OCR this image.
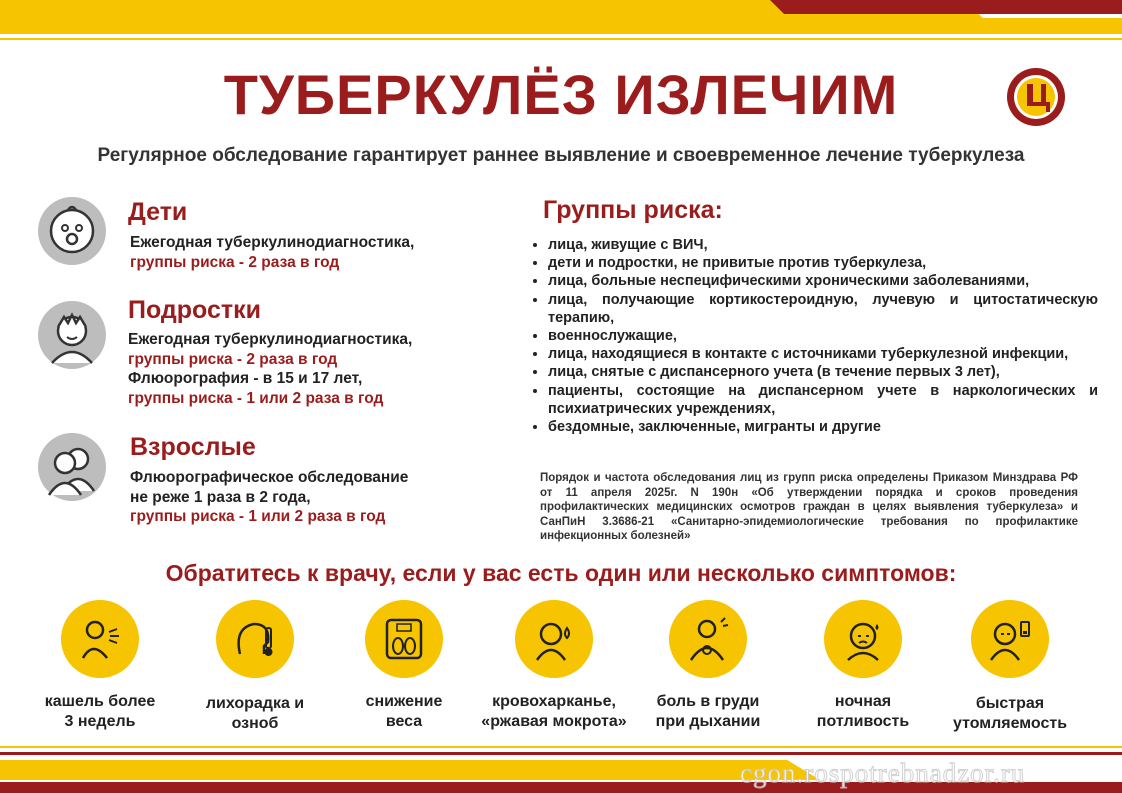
ТУБЕРКУЛЁЗ ИЗЛЕЧИМ
Регулярное обследование гарантирует раннее выявление и своевременное лечение туберкулеза
Дети
Ежегодная туберкулинодиагностика,
группы риска - 2 раза в год
Подростки
Ежегодная туберкулинодиагностика,
группы риска - 2 раза в год
Флюорография - в 15 и 17 лет,
группы риска - 1 или 2 раза в год
Взрослые
Флюорографическое обследование
не реже 1 раза в 2 года,
группы риска - 1 или 2 раза в год
Группы риска:
• лица, живущие с ВИЧ,
• дети и подростки, не привитые против туберкулеза,
• лица, больные неспецифическими хроническими заболеваниями,
• лица, получающие кортикостероидную, лучевую и цитостатическую терапию,
• военнослужащие,
• лица, находящиеся в контакте с источниками туберкулезной инфекции,
• лица, снятые с диспансерного учета (в течение первых 3 лет),
• пациенты, состоящие на диспансерном учете в наркологических и психиатрических учреждениях,
• бездомные, заключенные, мигранты и другие
Порядок и частота обследования лиц из групп риска определены Приказом Минздрава РФ от 11 апреля 2025г. N 190н «Об утверждении порядка и сроков проведения профилактических медицинских осмотров граждан в целях выявления туберкулеза» и СанПиН 3.3686-21 «Санитарно-эпидемиологические требования по профилактике инфекционных болезней»
Обратитесь к врачу, если у вас есть один или несколько симптомов:
кашель более
3 недель
лихорадка и
озноб
снижение
веса
кровохарканье,
«ржавая мокрота»
боль в груди
при дыхании
ночная
потливость
быстрая
утомляемость
cgon.rospotrebnadzor.ru
